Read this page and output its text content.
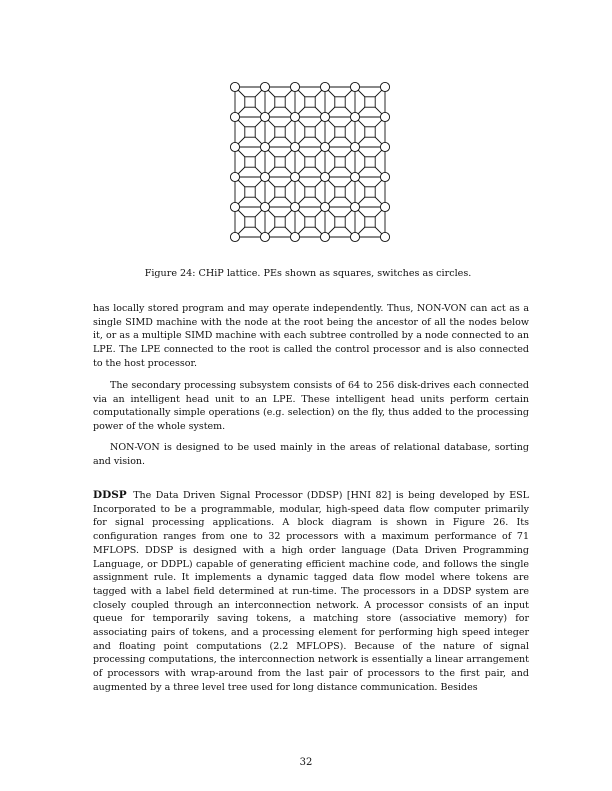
Figure 24: CHiP lattice. PEs shown as squares, switches as circles.

has locally stored program and may operate independently. Thus, NON-VON can act as a single SIMD machine with the node at the root being the ancestor of all the nodes below it, or as a multiple SIMD machine with each subtree controlled by a node connected to an LPE. The LPE connected to the root is called the control processor and is also connected to the host processor.

The secondary processing subsystem consists of 64 to 256 disk-drives each connected via an intelligent head unit to an LPE. These intelligent head units perform certain computationally simple operations (e.g. selection) on the fly, thus added to the processing power of the whole system.

NON-VON is designed to be used mainly in the areas of relational database, sorting and vision.

DDSP The Data Driven Signal Processor (DDSP) [HNI 82] is being developed by ESL Incorporated to be a programmable, modular, high-speed data flow computer primarily for signal processing applications. A block diagram is shown in Figure 26. Its configuration ranges from one to 32 processors with a maximum performance of 71 MFLOPS. DDSP is designed with a high order language (Data Driven Programming Language, or DDPL) capable of generating efficient machine code, and follows the single assignment rule. It implements a dynamic tagged data flow model where tokens are tagged with a label field determined at run-time. The processors in a DDSP system are closely coupled through an interconnection network. A processor consists of an input queue for temporarily saving tokens, a matching store (associative memory) for associating pairs of tokens, and a processing element for performing high speed integer and floating point computations (2.2 MFLOPS). Because of the nature of signal processing computations, the interconnection network is essentially a linear arrangement of processors with wrap-around from the last pair of processors to the first pair, and augmented by a three level tree used for long distance communication. Besides

32
